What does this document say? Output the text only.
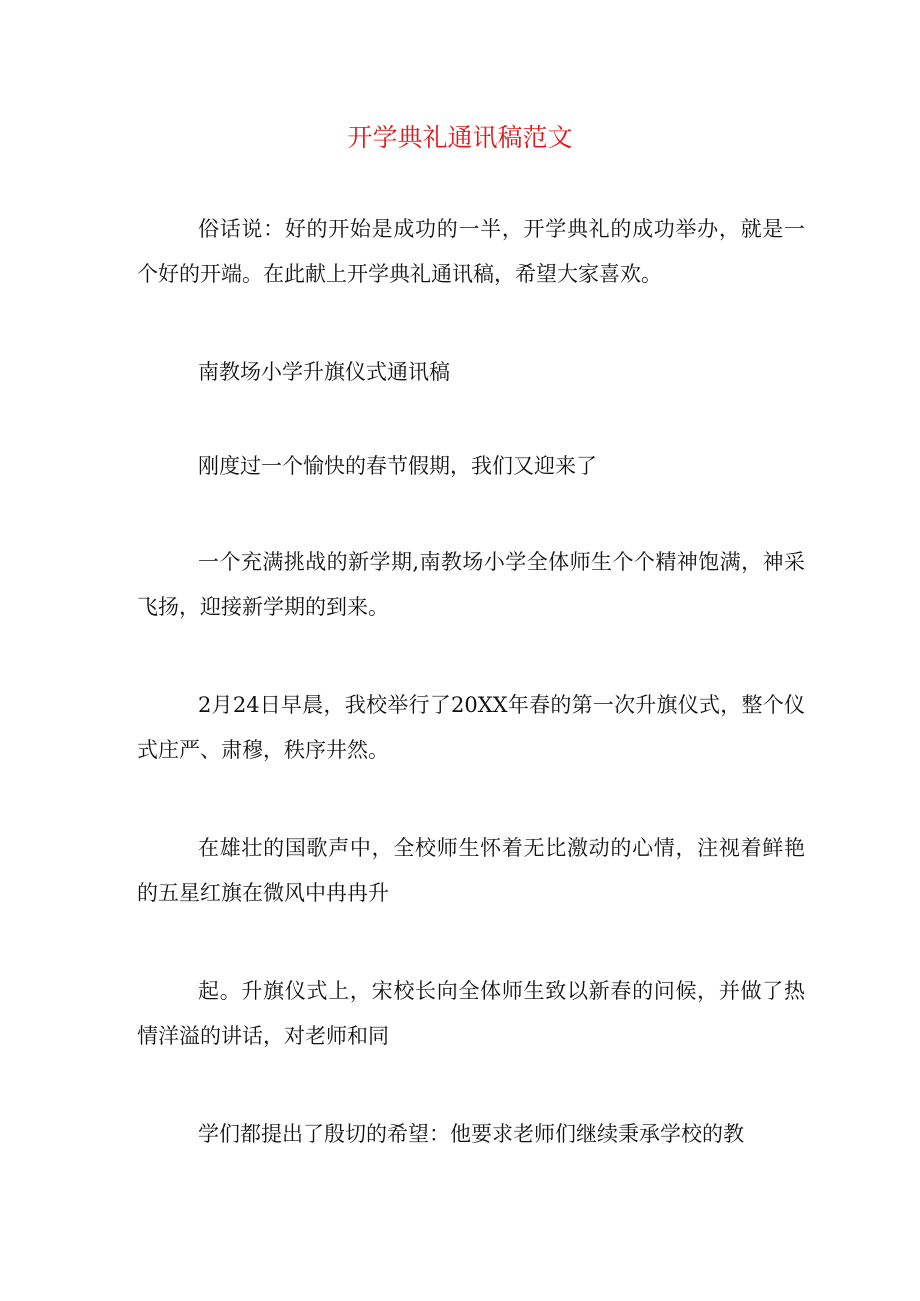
开学典礼通讯稿范文

俗话说：好的开始是成功的一半，开学典礼的成功举办，就是一个好的开端。在此献上开学典礼通讯稿，希望大家喜欢。

南教场小学升旗仪式通讯稿

刚度过一个愉快的春节假期，我们又迎来了

一个充满挑战的新学期,南教场小学全体师生个个精神饱满，神采飞扬，迎接新学期的到来。

2月24日早晨，我校举行了20XX年春的第一次升旗仪式，整个仪式庄严、肃穆，秩序井然。

在雄壮的国歌声中，全校师生怀着无比激动的心情，注视着鲜艳的五星红旗在微风中冉冉升

起。升旗仪式上，宋校长向全体师生致以新春的问候，并做了热情洋溢的讲话，对老师和同

学们都提出了殷切的希望：他要求老师们继续秉承学校的教
